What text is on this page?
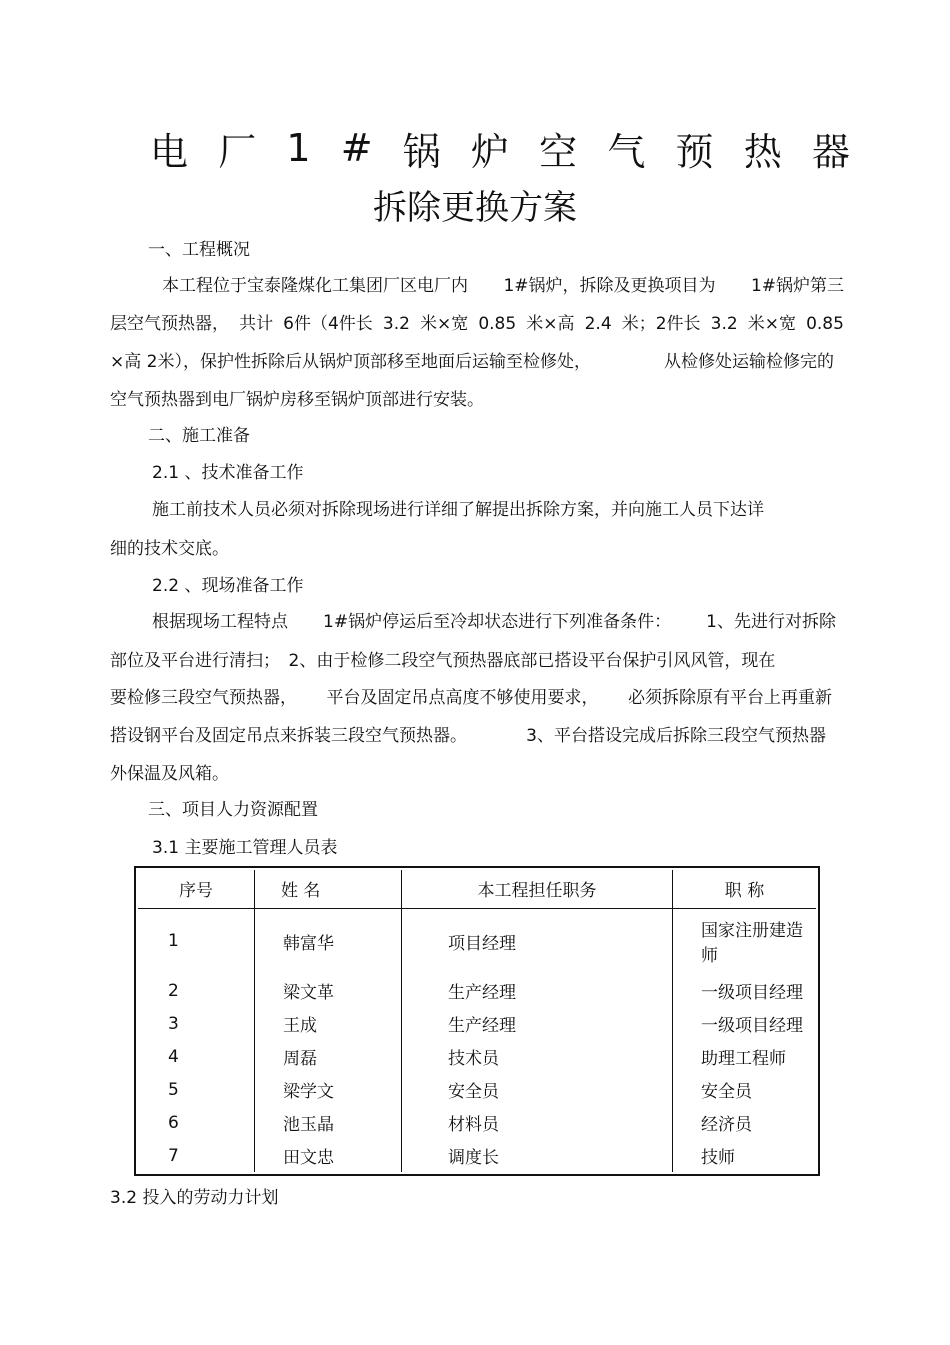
电 厂 1 # 锅 炉 空 气 预 热 器
拆除更换方案
一、工程概况
本工程位于宝泰隆煤化工集团厂区电厂内 1#锅炉，拆除及更换项目为 1#锅炉第三
层空气预热器， 共计 6件（4件长 3.2 米×宽 0.85 米×高 2.4 米；2件长 3.2 米×宽 0.85
×高 2米），保护性拆除后从锅炉顶部移至地面后运输至检修处，	从检修处运输检修完的
空气预热器到电厂锅炉房移至锅炉顶部进行安装。
二、施工准备
2.1 、技术准备工作
施工前技术人员必须对拆除现场进行详细了解提出拆除方案，并向施工人员下达详
细的技术交底。
2.2 、现场准备工作
根据现场工程特点 1#锅炉停运后至冷却状态进行下列准备条件： 1、先进行对拆除
部位及平台进行清扫；　2、由于检修二段空气预热器底部已搭设平台保护引风风管，现在
要检修三段空气预热器， 平台及固定吊点高度不够使用要求， 必须拆除原有平台上再重新
搭设钢平台及固定吊点来拆装三段空气预热器。	3、平台搭设完成后拆除三段空气预热器
外保温及风箱。
三、项目人力资源配置
3.1 主要施工管理人员表
序号	姓 名	本工程担任职务	职 称
1	韩富华	项目经理	国家注册建造师
2	梁文革	生产经理	一级项目经理
3	王成	生产经理	一级项目经理
4	周磊	技术员	助理工程师
5	梁学文	安全员	安全员
6	池玉晶	材料员	经济员
7	田文忠	调度长	技师
3.2 投入的劳动力计划
